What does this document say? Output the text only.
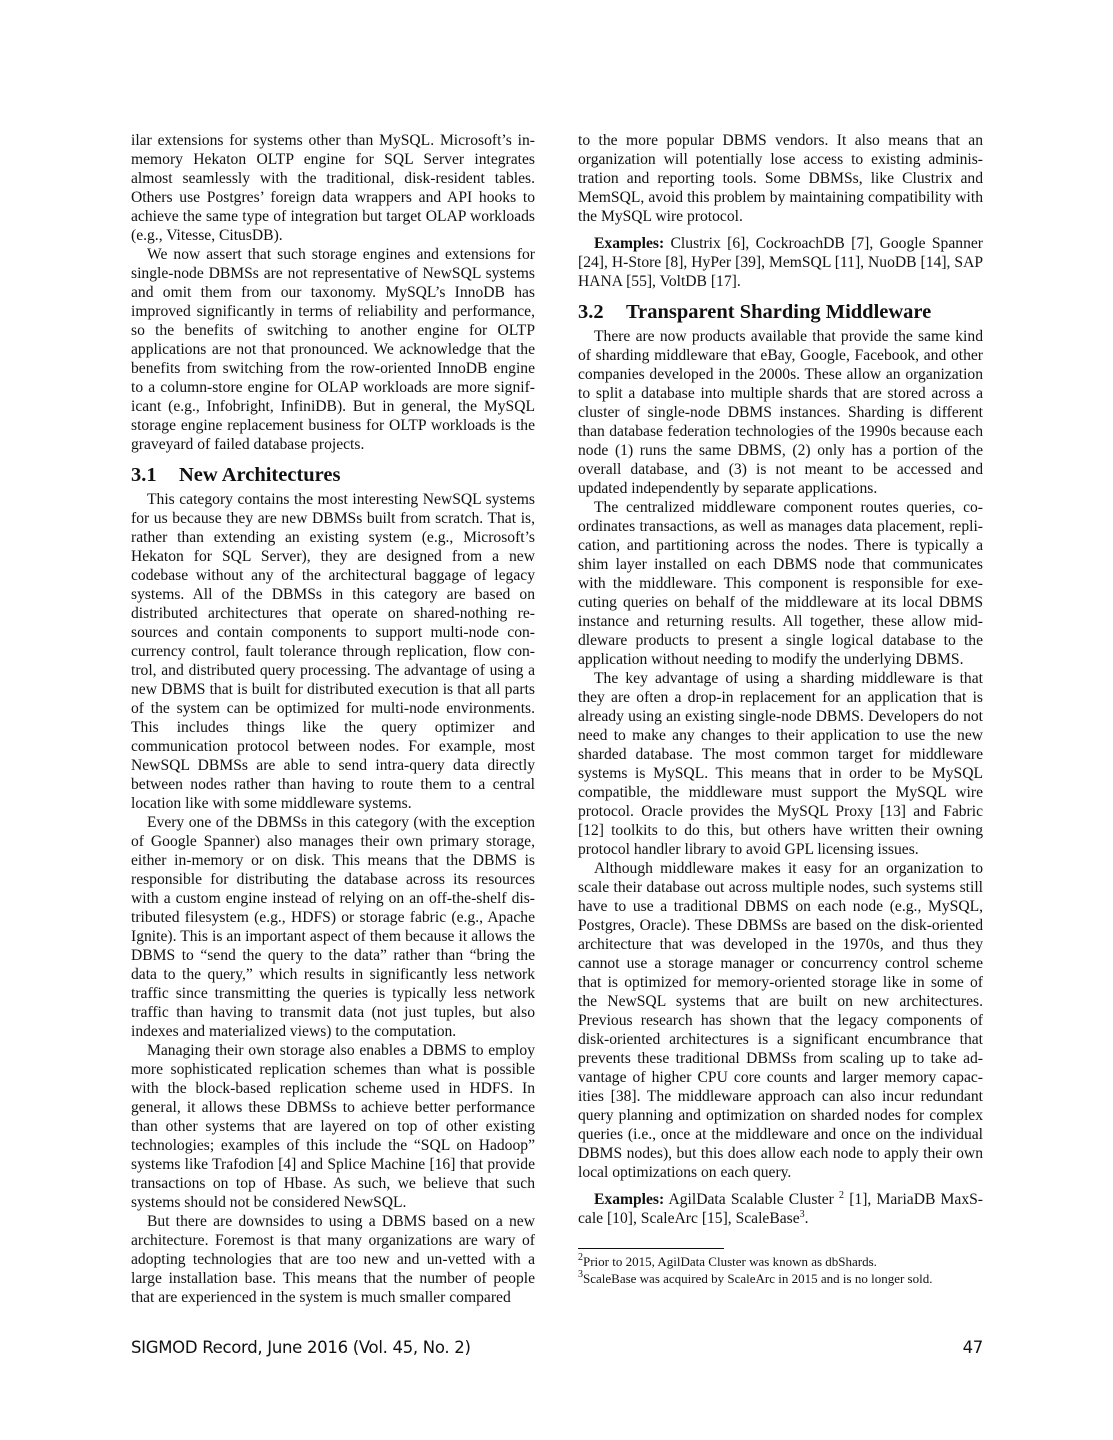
ilar extensions for systems other than MySQL. Microsoft’s in-memory Hekaton OLTP engine for SQL Server integrates almost seamlessly with the traditional, disk-resident tables. Others use Postgres’ foreign data wrappers and API hooks to achieve the same type of integration but target OLAP workloads (e.g., Vitesse, CitusDB).

We now assert that such storage engines and extensions for single-node DBMSs are not representative of NewSQL systems and omit them from our taxonomy. MySQL’s InnoDB has improved significantly in terms of reliability and performance, so the benefits of switching to another engine for OLTP applications are not that pronounced. We acknowledge that the benefits from switching from the row-oriented InnoDB engine to a column-store engine for OLAP workloads are more significant (e.g., Infobright, InfiniDB). But in general, the MySQL storage engine replacement business for OLTP workloads is the graveyard of failed database projects.

3.1 New Architectures

This category contains the most interesting NewSQL systems for us because they are new DBMSs built from scratch. That is, rather than extending an existing system (e.g., Microsoft’s Hekaton for SQL Server), they are designed from a new codebase without any of the architectural baggage of legacy systems. All of the DBMSs in this category are based on distributed architectures that operate on shared-nothing resources and contain components to support multi-node concurrency control, fault tolerance through replication, flow control, and distributed query processing. The advantage of using a new DBMS that is built for distributed execution is that all parts of the system can be optimized for multi-node environments. This includes things like the query optimizer and communication protocol between nodes. For example, most NewSQL DBMSs are able to send intra-query data directly between nodes rather than having to route them to a central location like with some middleware systems.

Every one of the DBMSs in this category (with the exception of Google Spanner) also manages their own primary storage, either in-memory or on disk. This means that the DBMS is responsible for distributing the database across its resources with a custom engine instead of relying on an off-the-shelf distributed filesystem (e.g., HDFS) or storage fabric (e.g., Apache Ignite). This is an important aspect of them because it allows the DBMS to “send the query to the data” rather than “bring the data to the query,” which results in significantly less network traffic since transmitting the queries is typically less network traffic than having to transmit data (not just tuples, but also indexes and materialized views) to the computation.

Managing their own storage also enables a DBMS to employ more sophisticated replication schemes than what is possible with the block-based replication scheme used in HDFS. In general, it allows these DBMSs to achieve better performance than other systems that are layered on top of other existing technologies; examples of this include the “SQL on Hadoop” systems like Trafodion [4] and Splice Machine [16] that provide transactions on top of Hbase. As such, we believe that such systems should not be considered NewSQL.

But there are downsides to using a DBMS based on a new architecture. Foremost is that many organizations are wary of adopting technologies that are too new and un-vetted with a large installation base. This means that the number of people that are experienced in the system is much smaller compared

to the more popular DBMS vendors. It also means that an organization will potentially lose access to existing administration and reporting tools. Some DBMSs, like Clustrix and MemSQL, avoid this problem by maintaining compatibility with the MySQL wire protocol.

Examples: Clustrix [6], CockroachDB [7], Google Spanner [24], H-Store [8], HyPer [39], MemSQL [11], NuoDB [14], SAP HANA [55], VoltDB [17].

3.2 Transparent Sharding Middleware

There are now products available that provide the same kind of sharding middleware that eBay, Google, Facebook, and other companies developed in the 2000s. These allow an organization to split a database into multiple shards that are stored across a cluster of single-node DBMS instances. Sharding is different than database federation technologies of the 1990s because each node (1) runs the same DBMS, (2) only has a portion of the overall database, and (3) is not meant to be accessed and updated independently by separate applications.

The centralized middleware component routes queries, coordinates transactions, as well as manages data placement, replication, and partitioning across the nodes. There is typically a shim layer installed on each DBMS node that communicates with the middleware. This component is responsible for executing queries on behalf of the middleware at its local DBMS instance and returning results. All together, these allow middleware products to present a single logical database to the application without needing to modify the underlying DBMS.

The key advantage of using a sharding middleware is that they are often a drop-in replacement for an application that is already using an existing single-node DBMS. Developers do not need to make any changes to their application to use the new sharded database. The most common target for middleware systems is MySQL. This means that in order to be MySQL compatible, the middleware must support the MySQL wire protocol. Oracle provides the MySQL Proxy [13] and Fabric [12] toolkits to do this, but others have written their owning protocol handler library to avoid GPL licensing issues.

Although middleware makes it easy for an organization to scale their database out across multiple nodes, such systems still have to use a traditional DBMS on each node (e.g., MySQL, Postgres, Oracle). These DBMSs are based on the disk-oriented architecture that was developed in the 1970s, and thus they cannot use a storage manager or concurrency control scheme that is optimized for memory-oriented storage like in some of the NewSQL systems that are built on new architectures. Previous research has shown that the legacy components of disk-oriented architectures is a significant encumbrance that prevents these traditional DBMSs from scaling up to take advantage of higher CPU core counts and larger memory capacities [38]. The middleware approach can also incur redundant query planning and optimization on sharded nodes for complex queries (i.e., once at the middleware and once on the individual DBMS nodes), but this does allow each node to apply their own local optimizations on each query.

Examples: AgilData Scalable Cluster $^2$ [1], MariaDB MaxScale [10], ScaleArc [15], ScaleBase$^3$.

$^2$Prior to 2015, AgilData Cluster was known as dbShards.
$^3$ScaleBase was acquired by ScaleArc in 2015 and is no longer sold.
SIGMOD Record, June 2016 (Vol. 45, No. 2)	47
